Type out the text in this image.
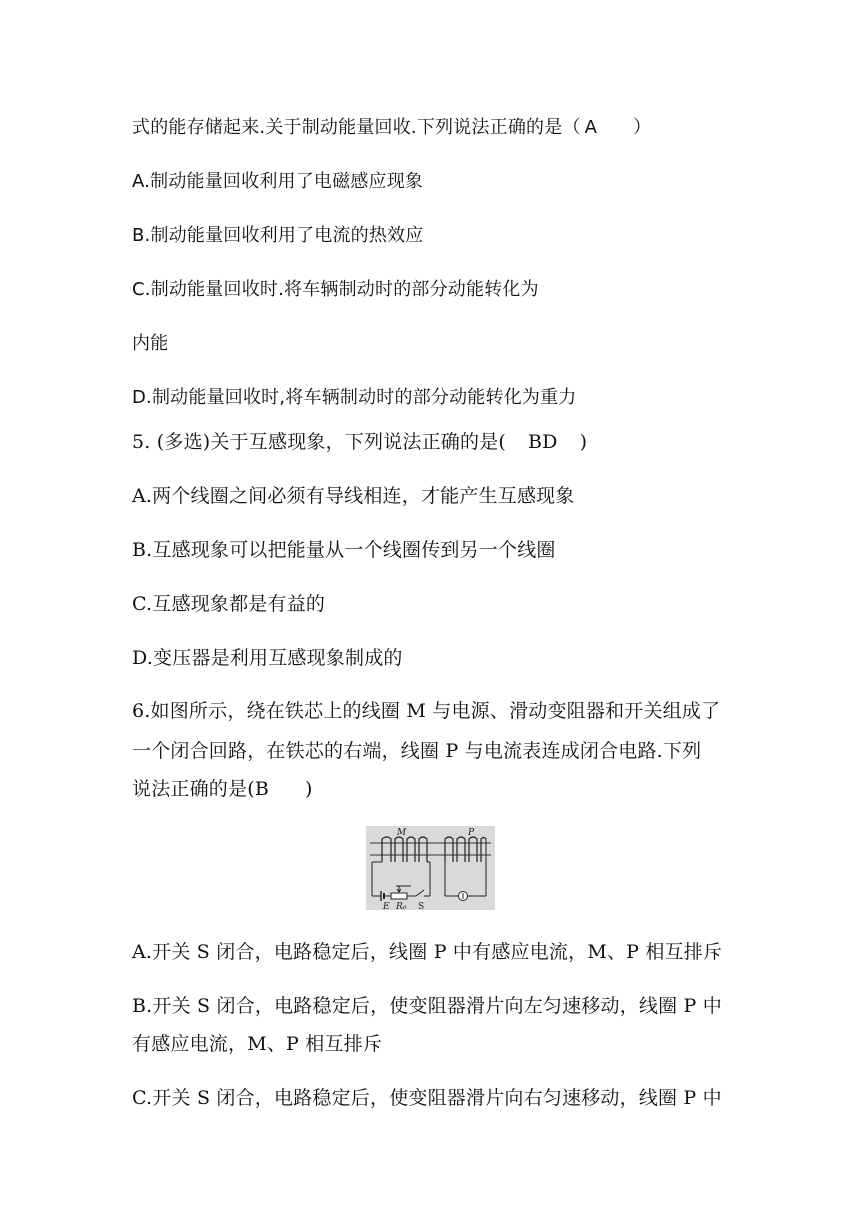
式的能存储起来.关于制动能量回收.下列说法正确的是（ A ）
A.制动能量回收利用了电磁感应现象
B.制动能量回收利用了电流的热效应
C.制动能量回收时.将车辆制动时的部分动能转化为
内能
D.制动能量回收时,将车辆制动时的部分动能转化为重力
5. (多选)关于互感现象，下列说法正确的是( BD )
A.两个线圈之间必须有导线相连，才能产生互感现象
B.互感现象可以把能量从一个线圈传到另一个线圈
C.互感现象都是有益的
D.变压器是利用互感现象制成的
6.如图所示，绕在铁芯上的线圈 M 与电源、滑动变阻器和开关组成了
一个闭合回路，在铁芯的右端，线圈 P 与电流表连成闭合电路.下列
说法正确的是(B )
M	P
E R₀ S
A.开关 S 闭合，电路稳定后，线圈 P 中有感应电流，M、P 相互排斥
B.开关 S 闭合，电路稳定后，使变阻器滑片向左匀速移动，线圈 P 中
有感应电流，M、P 相互排斥
C.开关 S 闭合，电路稳定后，使变阻器滑片向右匀速移动，线圈 P 中
